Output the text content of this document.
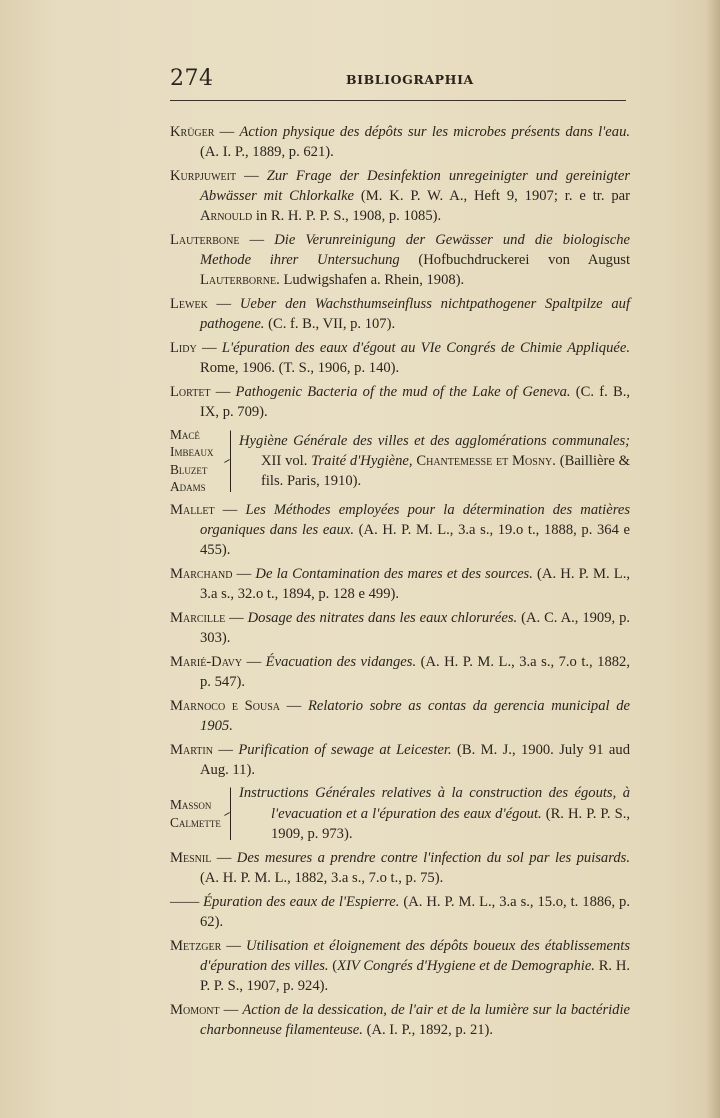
274	BIBLIOGRAPHIA

Krüger — Action physique des dépôts sur les microbes présents dans l'eau. (A. I. P., 1889, p. 621).

Kurpjuweit — Zur Frage der Desinfektion unregeinigter und gereinigter Abwässer mit Chlorkalke (M. K. P. W. A., Heft 9, 1907; r. e tr. par Arnould in R. H. P. P. S., 1908, p. 1085).

Lauterbone — Die Verunreinigung der Gewässer und die biologische Methode ihrer Untersuchung (Hofbuchdruckerei von August Lauterborne. Ludwigshafen a. Rhein, 1908).

Lewek — Ueber den Wachsthumseinfluss nichtpathogener Spaltpilze auf pathogene. (C. f. B., VII, p. 107).

Lidy — L'épuration des eaux d'égout au VIe Congrés de Chimie Appliquée. Rome, 1906. (T. S., 1906, p. 140).

Lortet — Pathogenic Bacteria of the mud of the Lake of Geneva. (C. f. B., IX, p. 709).

Macé
Imbeaux
Bluzet
Adams
Hygiène Générale des villes et des agglomérations communales; XII vol. Traité d'Hygiène, Chantemesse et Mosny. (Baillière & fils. Paris, 1910).

Mallet — Les Méthodes employées pour la détermination des matières organiques dans les eaux. (A. H. P. M. L., 3.a s., 19.o t., 1888, p. 364 e 455).

Marchand — De la Contamination des mares et des sources. (A. H. P. M. L., 3.a s., 32.o t., 1894, p. 128 e 499).

Marcille — Dosage des nitrates dans les eaux chlorurées. (A. C. A., 1909, p. 303).

Marié-Davy — Évacuation des vidanges. (A. H. P. M. L., 3.a s., 7.o t., 1882, p. 547).

Marnoco e Sousa — Relatorio sobre as contas da gerencia municipal de 1905.

Martin — Purification of sewage at Leicester. (B. M. J., 1900. July 91 aud Aug. 11).

Masson
Calmette
Instructions Générales relatives à la construction des égouts, à l'evacuation et a l'épuration des eaux d'égout. (R. H. P. P. S., 1909, p. 973).

Mesnil — Des mesures a prendre contre l'infection du sol par les puisards. (A. H. P. M. L., 1882, 3.a s., 7.o t., p. 75).

—— Épuration des eaux de l'Espierre. (A. H. P. M. L., 3.a s., 15.o, t. 1886, p. 62).

Metzger — Utilisation et éloignement des dépôts boueux des établissements d'épuration des villes. (XIV Congrés d'Hygiene et de Demographie. R. H. P. P. S., 1907, p. 924).

Momont — Action de la dessication, de l'air et de la lumière sur la bactéridie charbonneuse filamenteuse. (A. I. P., 1892, p. 21).
